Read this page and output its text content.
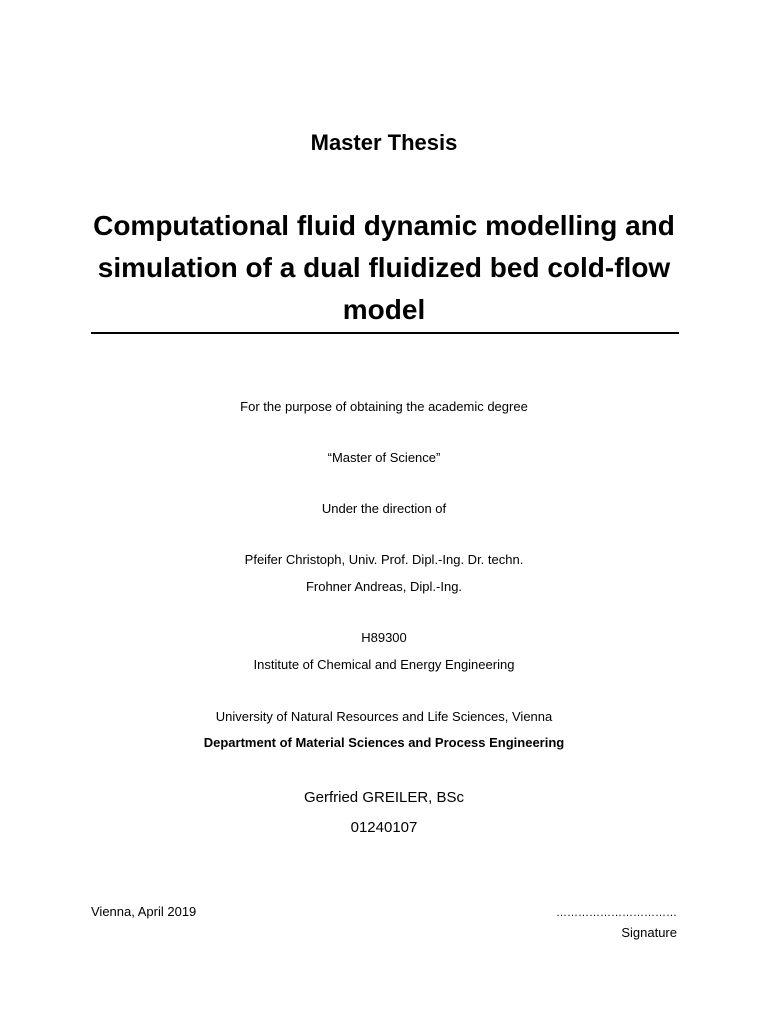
Master Thesis
Computational fluid dynamic modelling and simulation of a dual fluidized bed cold-flow model
For the purpose of obtaining the academic degree
“Master of Science”
Under the direction of
Pfeifer Christoph, Univ. Prof. Dipl.-Ing. Dr. techn.
Frohner Andreas, Dipl.-Ing.
H89300
Institute of Chemical and Energy Engineering
University of Natural Resources and Life Sciences, Vienna
Department of Material Sciences and Process Engineering
Gerfried GREILER, BSc
01240107
Vienna, April 2019	……………………………
Signature
